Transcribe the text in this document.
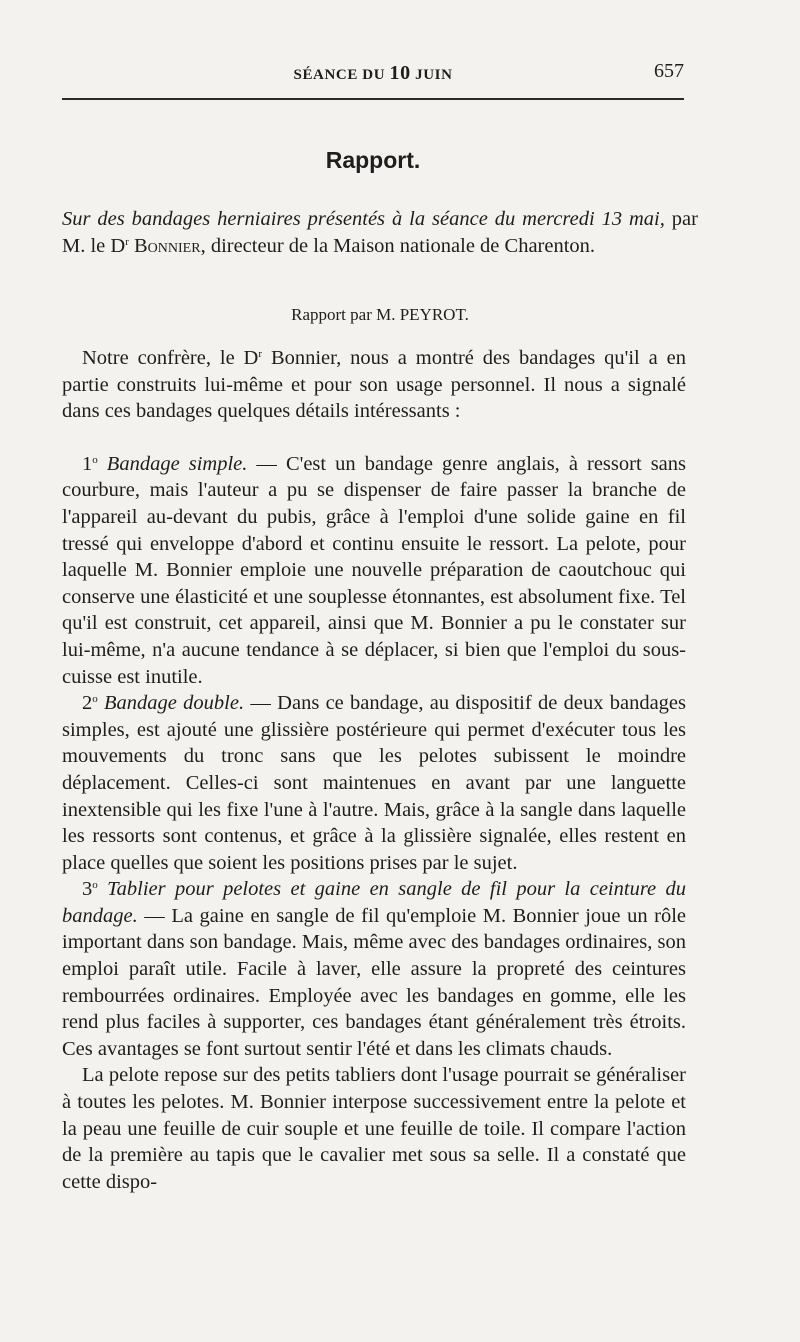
SÉANCE DU 10 JUIN	657
Rapport.
Sur des bandages herniaires présentés à la séance du mercredi 13 mai, par M. le $D^r$ Bonnier, directeur de la Maison nationale de Charenton.
Rapport par M. PEYROT.

Notre confrère, le $D^r$ Bonnier, nous a montré des bandages qu'il a en partie construits lui-même et pour son usage personnel. Il nous a signalé dans ces bandages quelques détails intéressants :

1$^o$ Bandage simple. — C'est un bandage genre anglais, à ressort sans courbure, mais l'auteur a pu se dispenser de faire passer la branche de l'appareil au-devant du pubis, grâce à l'emploi d'une solide gaine en fil tressé qui enveloppe d'abord et continu ensuite le ressort. La pelote, pour laquelle M. Bonnier emploie une nouvelle préparation de caoutchouc qui conserve une élasticité et une souplesse étonnantes, est absolument fixe. Tel qu'il est construit, cet appareil, ainsi que M. Bonnier a pu le constater sur lui-même, n'a aucune tendance à se déplacer, si bien que l'emploi du sous-cuisse est inutile.

2$^o$ Bandage double. — Dans ce bandage, au dispositif de deux bandages simples, est ajouté une glissière postérieure qui permet d'exécuter tous les mouvements du tronc sans que les pelotes subissent le moindre déplacement. Celles-ci sont maintenues en avant par une languette inextensible qui les fixe l'une à l'autre. Mais, grâce à la sangle dans laquelle les ressorts sont contenus, et grâce à la glissière signalée, elles restent en place quelles que soient les positions prises par le sujet.

3$^o$ Tablier pour pelotes et gaine en sangle de fil pour la ceinture du bandage. — La gaine en sangle de fil qu'emploie M. Bonnier joue un rôle important dans son bandage. Mais, même avec des bandages ordinaires, son emploi paraît utile. Facile à laver, elle assure la propreté des ceintures rembourrées ordinaires. Employée avec les bandages en gomme, elle les rend plus faciles à supporter, ces bandages étant généralement très étroits. Ces avantages se font surtout sentir l'été et dans les climats chauds.

La pelote repose sur des petits tabliers dont l'usage pourrait se généraliser à toutes les pelotes. M. Bonnier interpose successivement entre la pelote et la peau une feuille de cuir souple et une feuille de toile. Il compare l'action de la première au tapis que le cavalier met sous sa selle. Il a constaté que cette dispo-
